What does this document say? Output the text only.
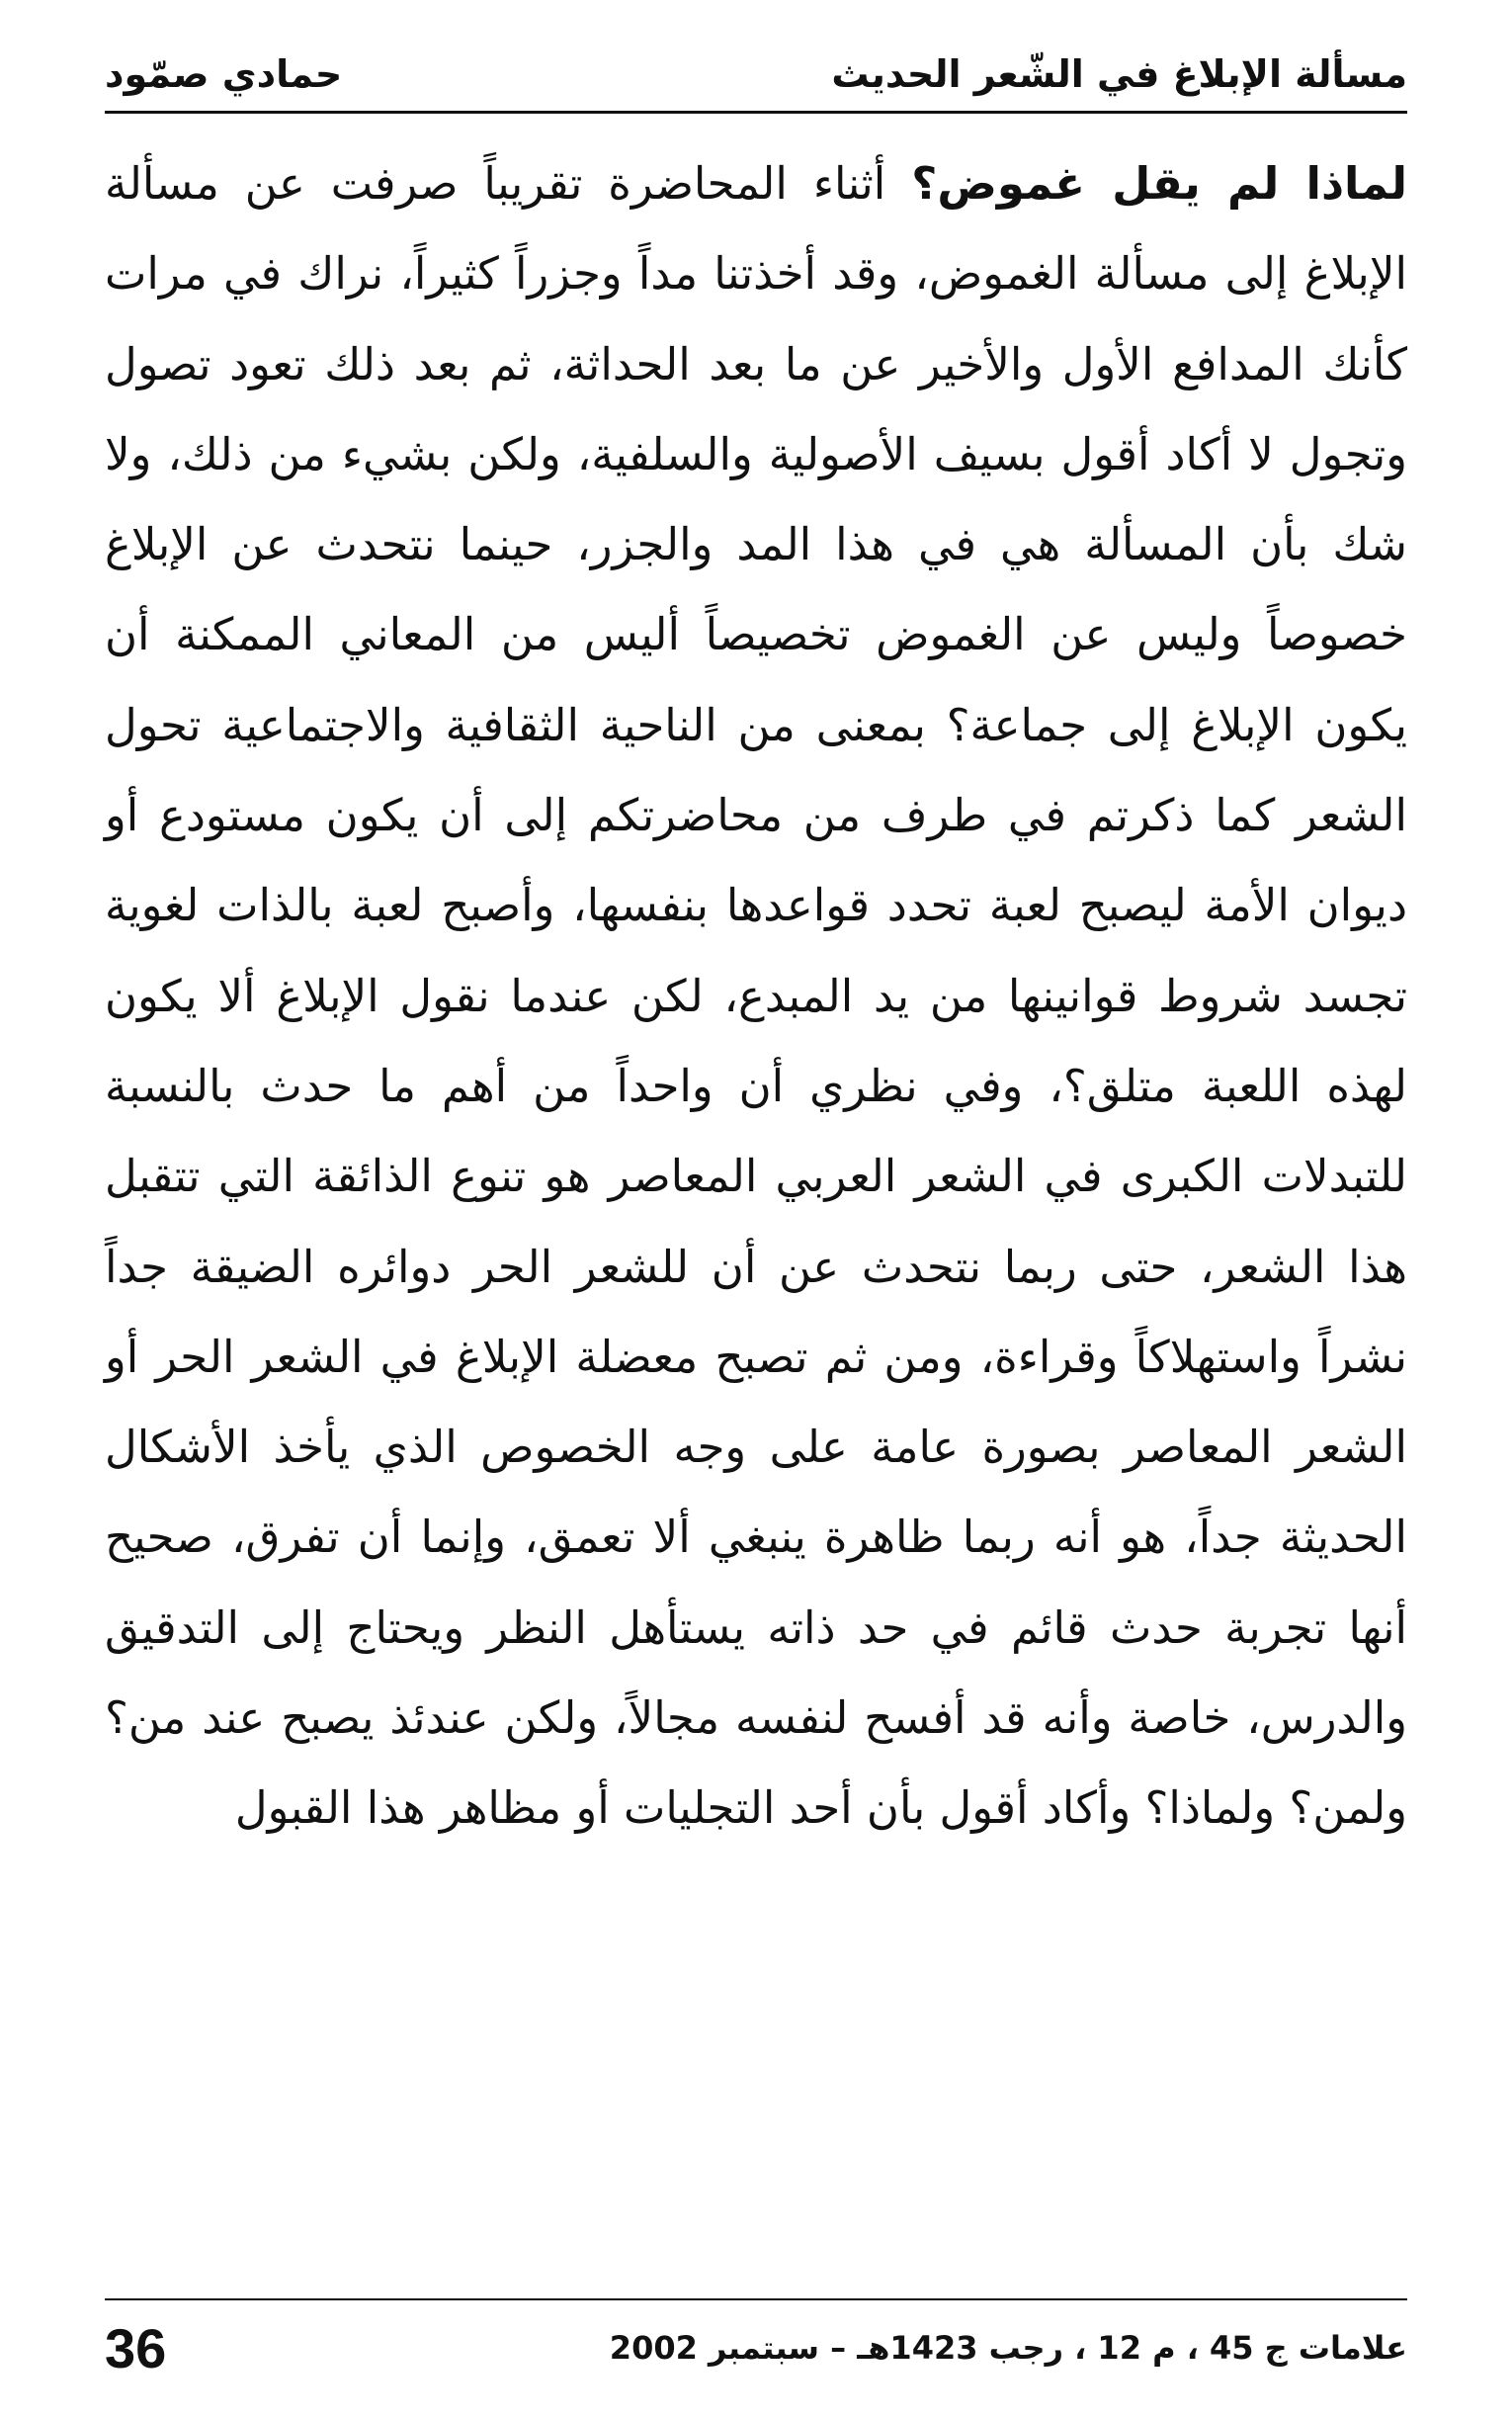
مسألة الإبلاغ في الشّعر الحديث
حمادي صمّود

لماذا لم يقل غموض؟ أثناء المحاضرة تقريباً صرفت عن مسألة الإبلاغ إلى مسألة الغموض، وقد أخذتنا مداً وجزراً كثيراً، نراك في مرات كأنك المدافع الأول والأخير عن ما بعد الحداثة، ثم بعد ذلك تعود تصول وتجول لا أكاد أقول بسيف الأصولية والسلفية، ولكن بشيء من ذلك، ولا شك بأن المسألة هي في هذا المد والجزر، حينما نتحدث عن الإبلاغ خصوصاً وليس عن الغموض تخصيصاً أليس من المعاني الممكنة أن يكون الإبلاغ إلى جماعة؟ بمعنى من الناحية الثقافية والاجتماعية تحول الشعر كما ذكرتم في طرف من محاضرتكم إلى أن يكون مستودع أو ديوان الأمة ليصبح لعبة تحدد قواعدها بنفسها، وأصبح لعبة بالذات لغوية تجسد شروط قوانينها من يد المبدع، لكن عندما نقول الإبلاغ ألا يكون لهذه اللعبة متلق؟، وفي نظري أن واحداً من أهم ما حدث بالنسبة للتبدلات الكبرى في الشعر العربي المعاصر هو تنوع الذائقة التي تتقبل هذا الشعر، حتى ربما نتحدث عن أن للشعر الحر دوائره الضيقة جداً نشراً واستهلاكاً وقراءة، ومن ثم تصبح معضلة الإبلاغ في الشعر الحر أو الشعر المعاصر بصورة عامة على وجه الخصوص الذي يأخذ الأشكال الحديثة جداً، هو أنه ربما ظاهرة ينبغي ألا تعمق، وإنما أن تفرق، صحيح أنها تجربة حدث قائم في حد ذاته يستأهل النظر ويحتاج إلى التدقيق والدرس، خاصة وأنه قد أفسح لنفسه مجالاً، ولكن عندئذ يصبح عند من؟ ولمن؟ ولماذا؟ وأكاد أقول بأن أحد التجليات أو مظاهر هذا القبول

علامات ج 45 ، م 12 ، رجب 1423هـ – سبتمبر 2002
36
